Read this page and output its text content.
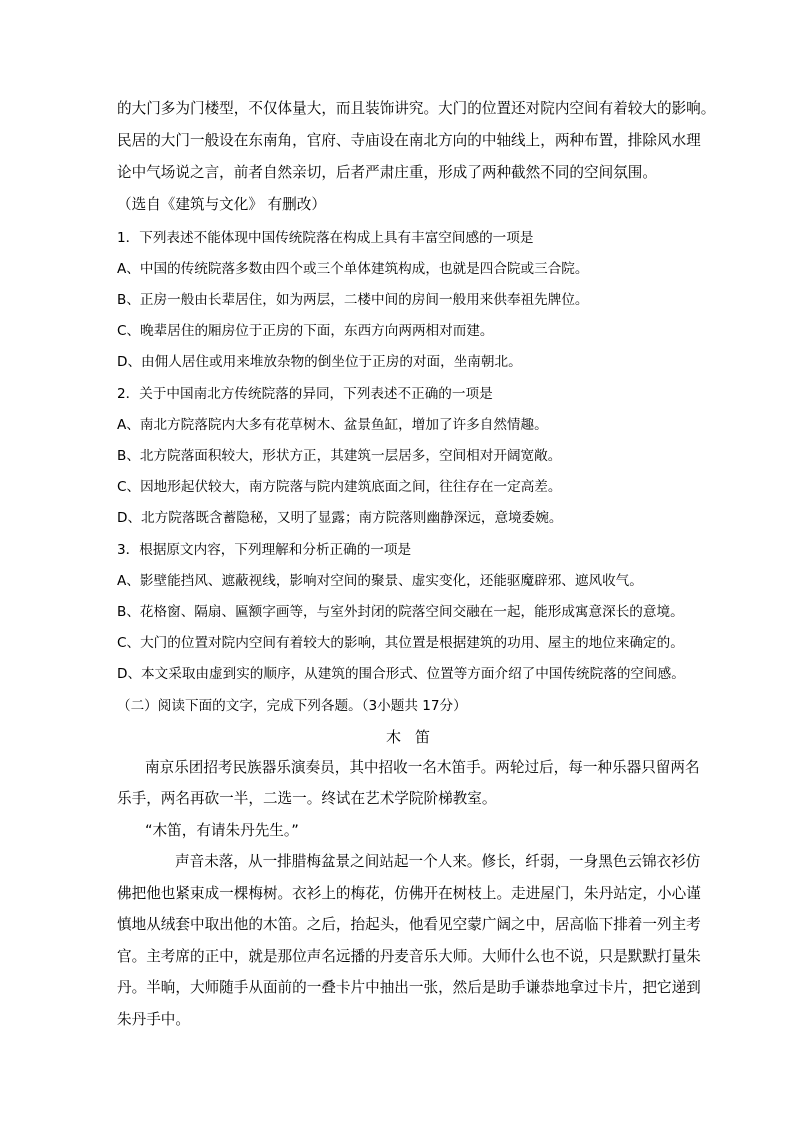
的大门多为门楼型，不仅体量大，而且装饰讲究。大门的位置还对院内空间有着较大的影响。
民居的大门一般设在东南角，官府、寺庙设在南北方向的中轴线上，两种布置，排除风水理
论中气场说之言，前者自然亲切，后者严肃庄重，形成了两种截然不同的空间氛围。
（选自《建筑与文化》 有删改）
1．下列表述不能体现中国传统院落在构成上具有丰富空间感的一项是
A、中国的传统院落多数由四个或三个单体建筑构成，也就是四合院或三合院。
B、正房一般由长辈居住，如为两层，二楼中间的房间一般用来供奉祖先牌位。
C、晚辈居住的厢房位于正房的下面，东西方向两两相对而建。
D、由佣人居住或用来堆放杂物的倒坐位于正房的对面，坐南朝北。
2．关于中国南北方传统院落的异同，下列表述不正确的一项是
A、南北方院落院内大多有花草树木、盆景鱼缸，增加了许多自然情趣。
B、北方院落面积较大，形状方正，其建筑一层居多，空间相对开阔宽敞。
C、因地形起伏较大，南方院落与院内建筑底面之间，往往存在一定高差。
D、北方院落既含蓄隐秘，又明了显露；南方院落则幽静深远，意境委婉。
3．根据原文内容，下列理解和分析正确的一项是
A、影壁能挡风、遮蔽视线，影响对空间的聚景、虚实变化，还能驱魔辟邪、遮风收气。
B、花格窗、隔扇、匾额字画等，与室外封闭的院落空间交融在一起，能形成寓意深长的意境。
C、大门的位置对院内空间有着较大的影响，其位置是根据建筑的功用、屋主的地位来确定的。
D、本文采取由虚到实的顺序，从建筑的围合形式、位置等方面介绍了中国传统院落的空间感。
（二）阅读下面的文字，完成下列各题。（3小题共 17分）
木笛
南京乐团招考民族器乐演奏员，其中招收一名木笛手。两轮过后，每一种乐器只留两名
乐手，两名再砍一半，二选一。终试在艺术学院阶梯教室。
“木笛，有请朱丹先生。”
声音未落，从一排腊梅盆景之间站起一个人来。修长，纤弱，一身黑色云锦衣衫仿
佛把他也紧束成一棵梅树。衣衫上的梅花，仿佛开在树枝上。走进屋门，朱丹站定，小心谨
慎地从绒套中取出他的木笛。之后，抬起头，他看见空蒙广阔之中，居高临下排着一列主考
官。主考席的正中，就是那位声名远播的丹麦音乐大师。大师什么也不说，只是默默打量朱
丹。半晌，大师随手从面前的一叠卡片中抽出一张，然后是助手谦恭地拿过卡片，把它递到
朱丹手中。
